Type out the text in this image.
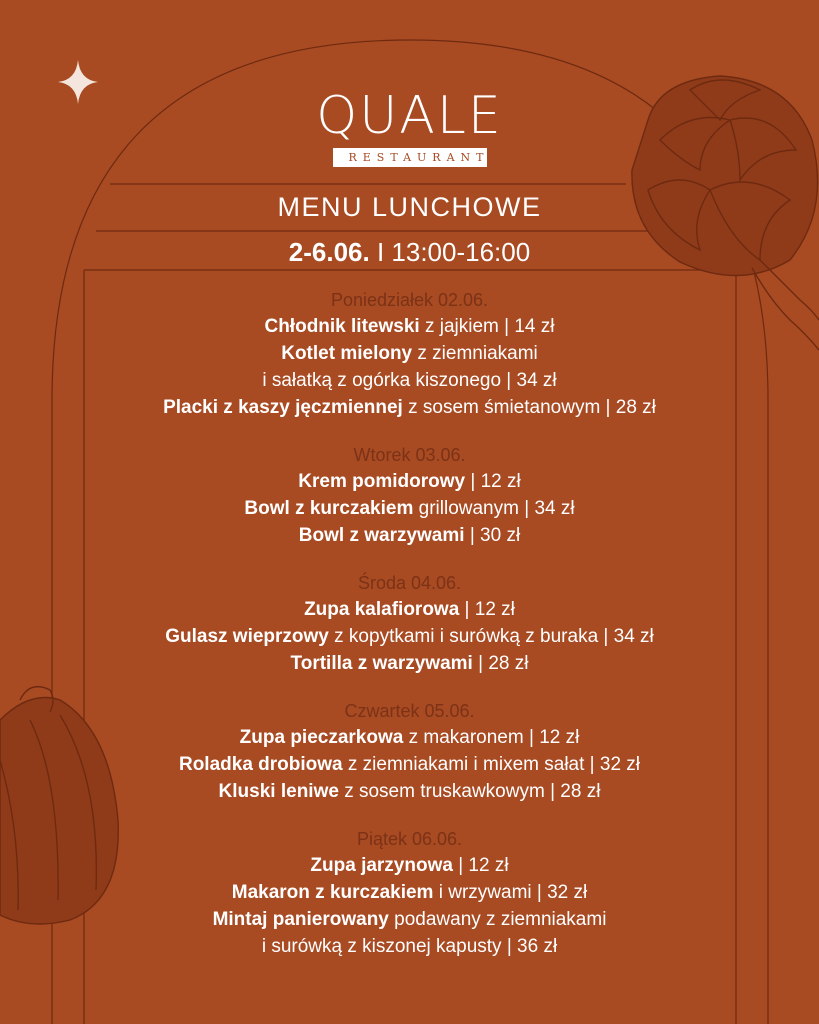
QUALE
RESTAURANT
MENU LUNCHOWE
2-6.06. I 13:00-16:00
Poniedziałek 02.06.
Chłodnik litewski z jajkiem | 14 zł
Kotlet mielony z ziemniakami
i sałatką z ogórka kiszonego | 34 zł
Placki z kaszy jęczmiennej z sosem śmietanowym | 28 zł
Wtorek 03.06.
Krem pomidorowy | 12 zł
Bowl z kurczakiem grillowanym | 34 zł
Bowl z warzywami | 30 zł
Środa 04.06.
Zupa kalafiorowa | 12 zł
Gulasz wieprzowy z kopytkami i surówką z buraka | 34 zł
Tortilla z warzywami | 28 zł
Czwartek 05.06.
Zupa pieczarkowa z makaronem | 12 zł
Roladka drobiowa z ziemniakami i mixem sałat | 32 zł
Kluski leniwe z sosem truskawkowym | 28 zł
Piątek 06.06.
Zupa jarzynowa | 12 zł
Makaron z kurczakiem i wrzywami | 32 zł
Mintaj panierowany podawany z ziemniakami
i surówką z kiszonej kapusty | 36 zł
